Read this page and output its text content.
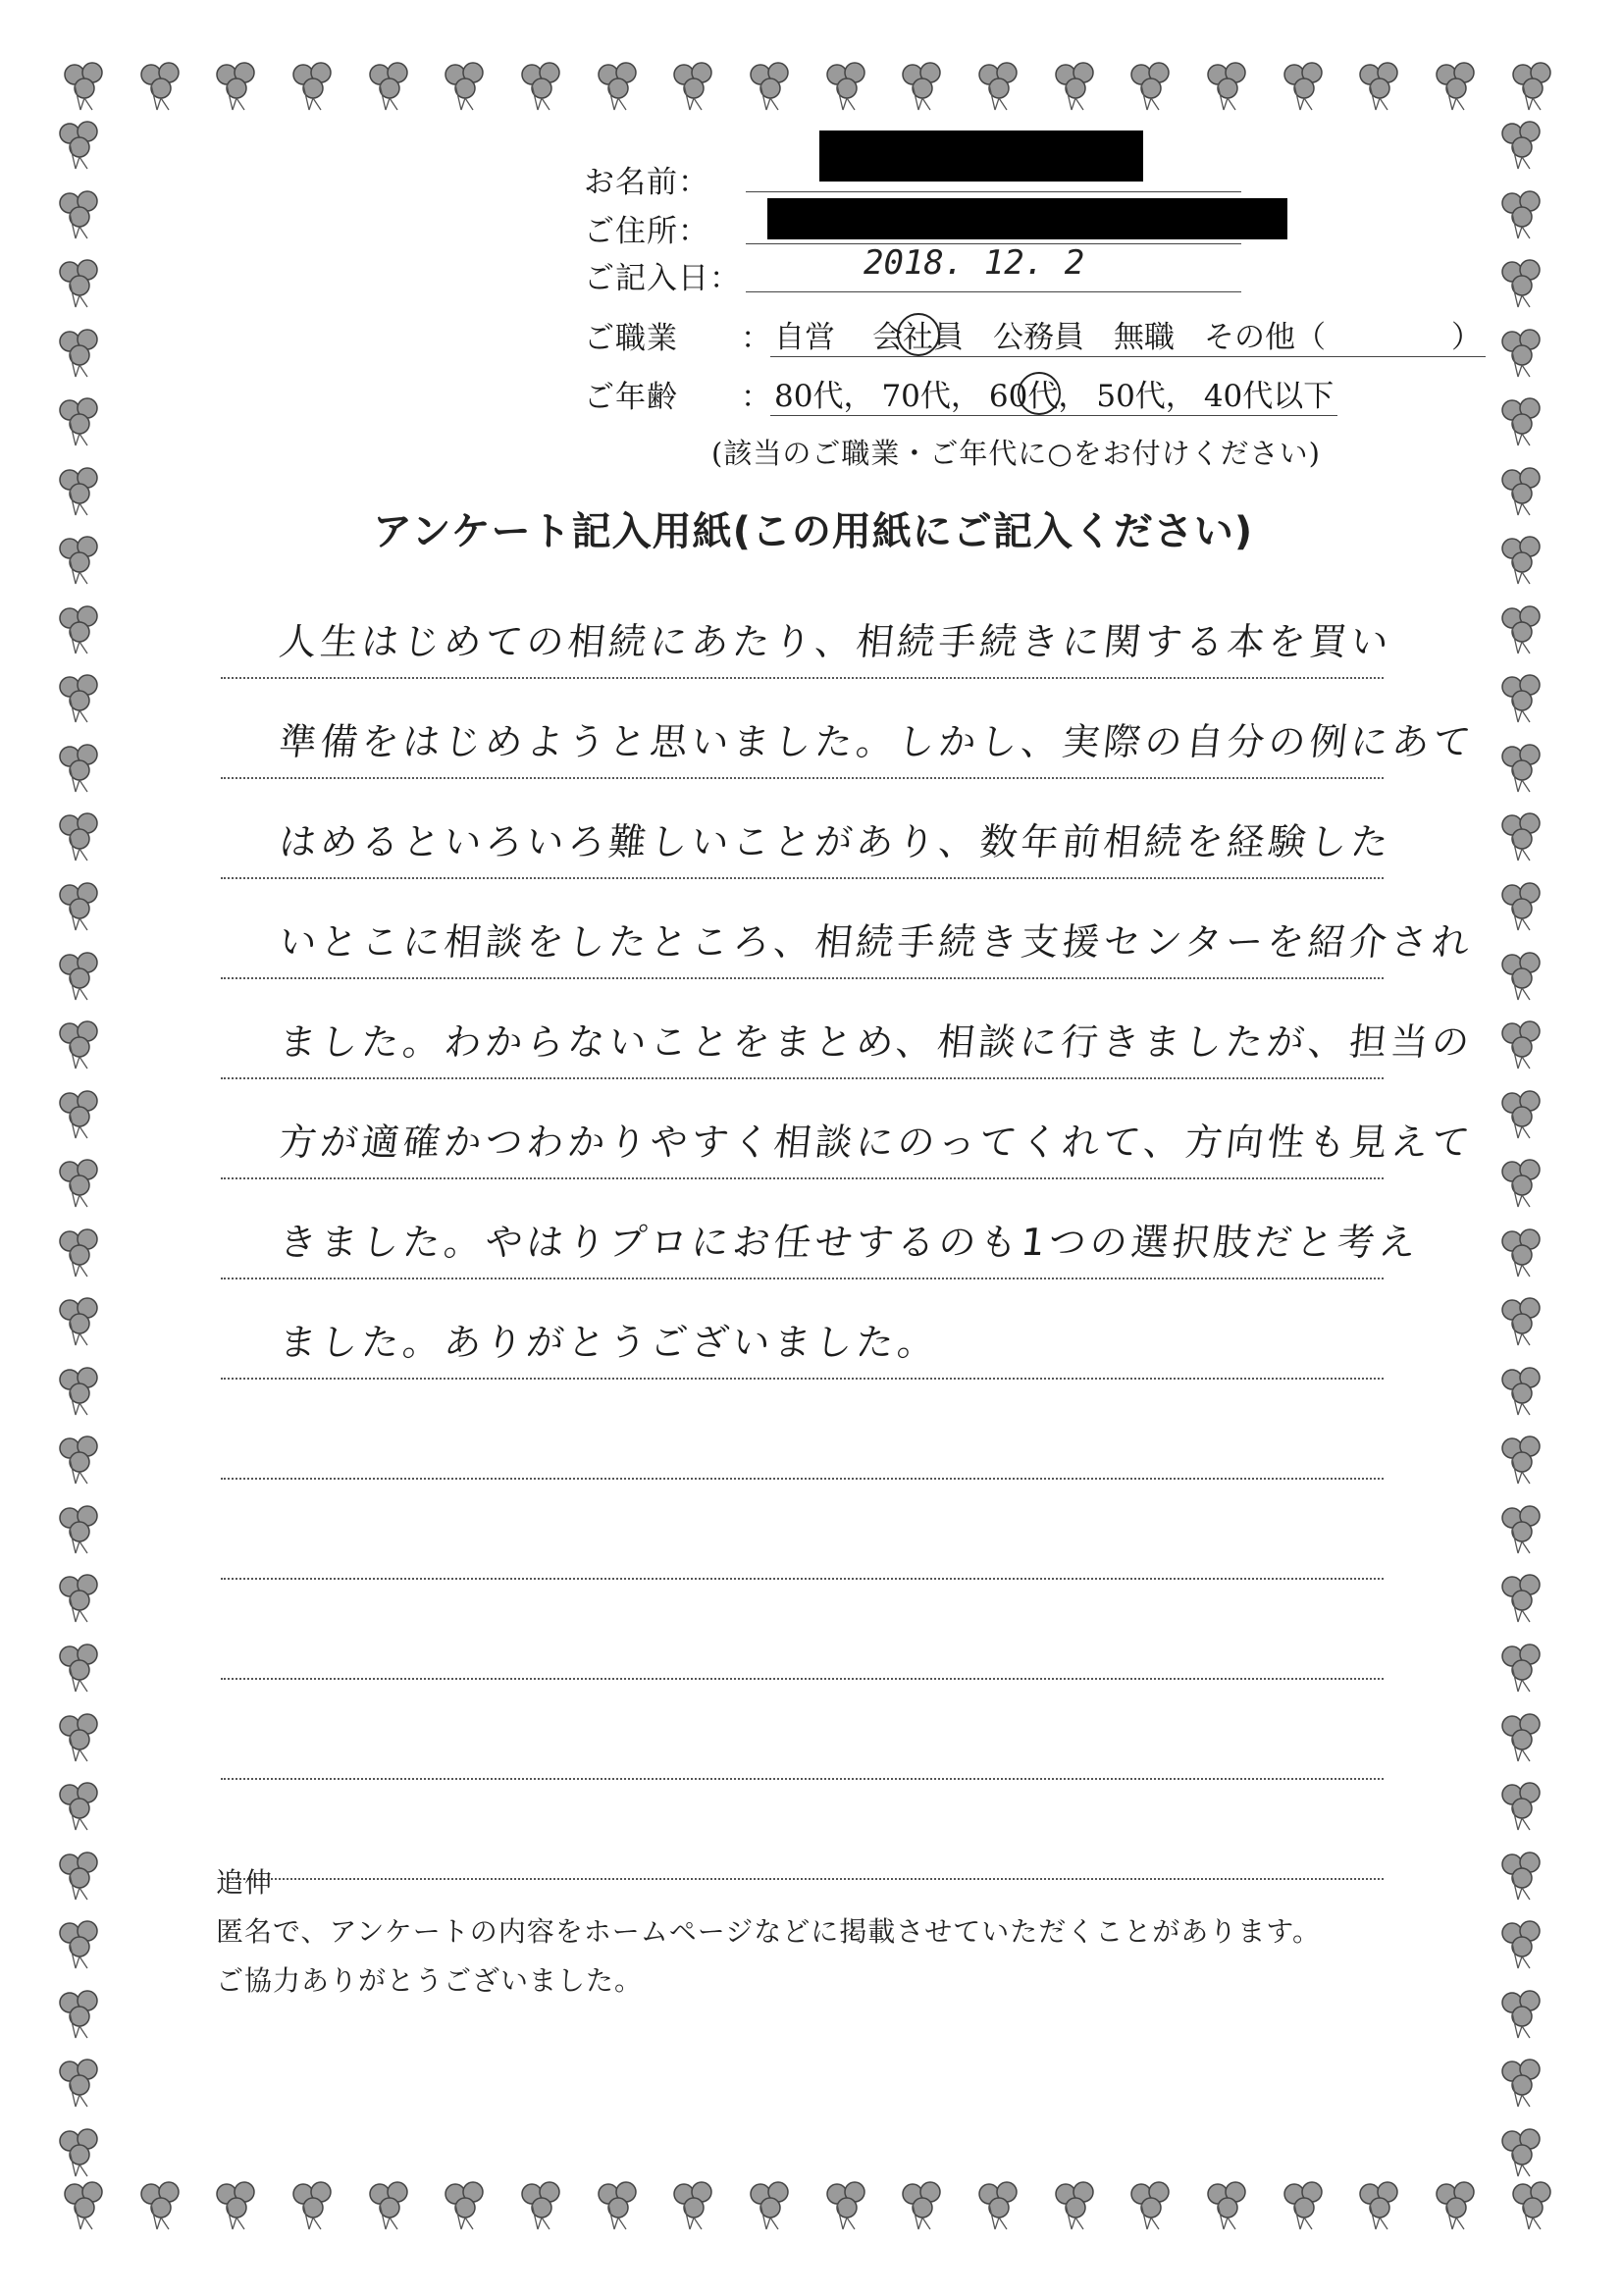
お名前：
ご住所：
ご記入日：	2018. 12. 2
ご職業	： 自営 会社員 公務員 無職 その他（	）
ご年齢	： 80代， 70代， 60代， 50代， 40代以下
(該当のご職業・ご年代に○をお付けください)
アンケート記入用紙(この用紙にご記入ください)
人生はじめての相続にあたり、相続手続きに関する本を買い
準備をはじめようと思いました。しかし、実際の自分の例にあて
はめるといろいろ難しいことがあり、数年前相続を経験した
いとこに相談をしたところ、相続手続き支援センターを紹介され
ました。わからないことをまとめ、相談に行きましたが、担当の
方が適確かつわかりやすく相談にのってくれて、方向性も見えて
きました。やはりプロにお任せするのも1つの選択肢だと考え
ました。ありがとうございました。
追伸
匿名で、アンケートの内容をホームページなどに掲載させていただくことがあります。
ご協力ありがとうございました。
